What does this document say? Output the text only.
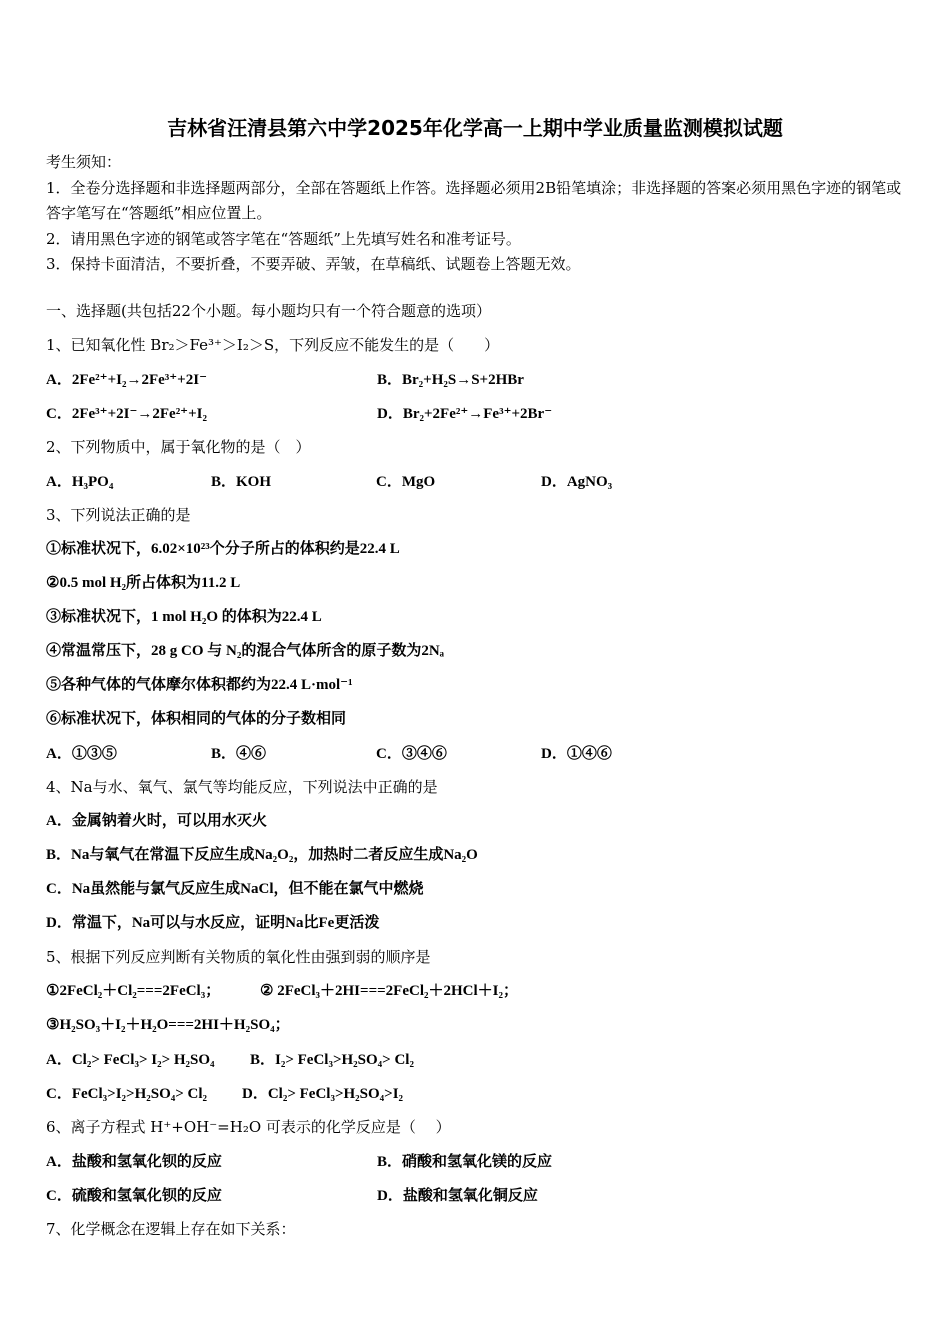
吉林省汪清县第六中学2025年化学高一上期中学业质量监测模拟试题
考生须知：
1．全卷分选择题和非选择题两部分，全部在答题纸上作答。选择题必须用2B铅笔填涂；非选择题的答案必须用黑色字迹的钢笔或答字笔写在“答题纸”相应位置上。
2．请用黑色字迹的钢笔或答字笔在“答题纸”上先填写姓名和准考证号。
3．保持卡面清洁，不要折叠，不要弄破、弄皱，在草稿纸、试题卷上答题无效。
一、选择题(共包括22个小题。每小题均只有一个符合题意的选项）
1、已知氧化性 Br₂＞Fe³⁺＞I₂＞S，下列反应不能发生的是（　　）
A．2Fe²⁺+I₂→2Fe³⁺+2I⁻	B．Br₂+H₂S→S+2HBr
C．2Fe³⁺+2I⁻→2Fe²⁺+I₂	D．Br₂+2Fe²⁺→Fe³⁺+2Br⁻
2、下列物质中，属于氧化物的是（　）
A．H₃PO₄	B．KOH	C．MgO	D．AgNO₃
3、下列说法正确的是
①标准状况下，6.02×10²³个分子所占的体积约是22.4 L
②0.5 mol H₂所占体积为11.2 L
③标准状况下，1 mol H₂O 的体积为22.4 L
④常温常压下，28 g CO 与 N₂的混合气体所含的原子数为2Nₐ
⑤各种气体的气体摩尔体积都约为22.4 L·mol⁻¹
⑥标准状况下，体积相同的气体的分子数相同
A．①③⑤	B．④⑥	C．③④⑥	D．①④⑥
4、Na与水、氧气、氯气等均能反应，下列说法中正确的是
A．金属钠着火时，可以用水灭火
B．Na与氧气在常温下反应生成Na₂O₂，加热时二者反应生成Na₂O
C．Na虽然能与氯气反应生成NaCl，但不能在氯气中燃烧
D．常温下，Na可以与水反应，证明Na比Fe更活泼
5、根据下列反应判断有关物质的氧化性由强到弱的顺序是
①2FeCl₂＋Cl₂===2FeCl₃；	② 2FeCl₃＋2HI===2FeCl₂＋2HCl＋I₂；
③H₂SO₃＋I₂＋H₂O===2HI＋H₂SO₄；
A．Cl₂> FeCl₃> I₂> H₂SO₄ B．I₂> FeCl₃>H₂SO₄> Cl₂
C．FeCl₃>I₂>H₂SO₄> Cl₂ D．Cl₂> FeCl₃>H₂SO₄>I₂
6、离子方程式 H⁺+OH⁻=H₂O 可表示的化学反应是（　 ）
A．盐酸和氢氧化钡的反应	B．硝酸和氢氧化镁的反应
C．硫酸和氢氧化钡的反应	D．盐酸和氢氧化铜反应
7、化学概念在逻辑上存在如下关系：
